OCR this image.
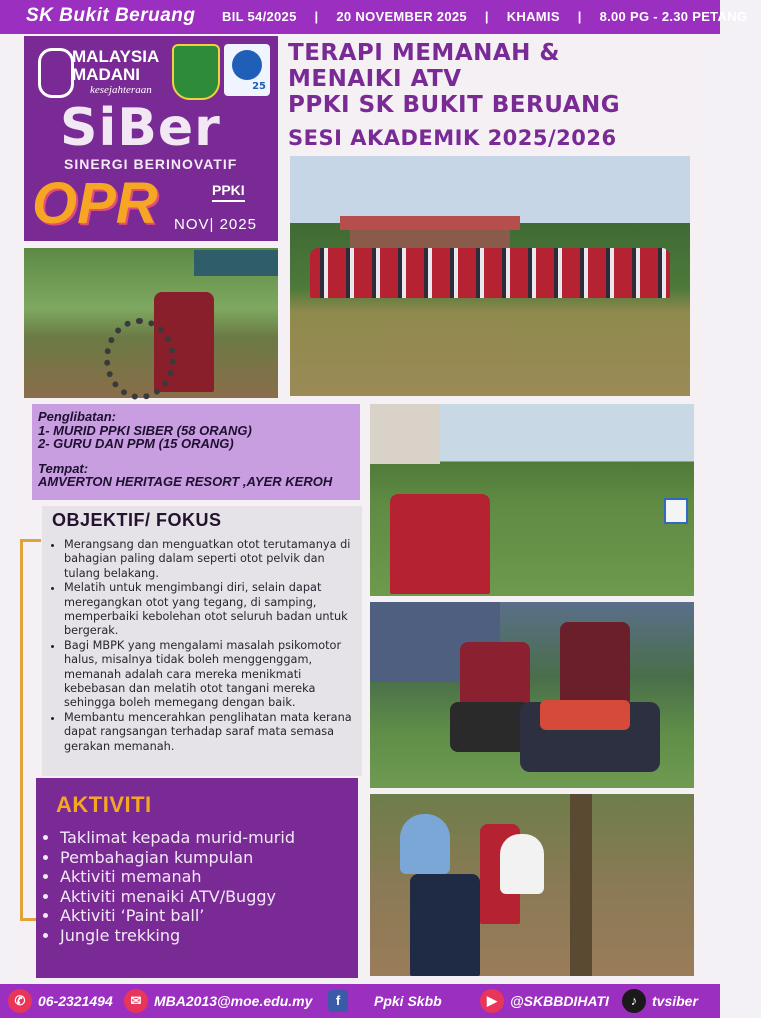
SK Bukit Beruang BIL 54/2025 | 20 NOVEMBER 2025 | KHAMIS | 8.00 PG - 2.30 PETANG
MALAYSIA
MADANI
kesejahteraan	25
SiBer
SINERGI BERINOVATIF
OPR	PPKI
NOV| 2025
TERAPI MEMANAH &
MENAIKI ATV
PPKI SK BUKIT BERUANG
SESI AKADEMIK 2025/2026
Penglibatan:
1- MURID PPKI SIBER (58 ORANG)
2- GURU DAN PPM (15 ORANG)
Tempat:
AMVERTON HERITAGE RESORT ,AYER KEROH
OBJEKTIF/ FOKUS
• Merangsang dan menguatkan otot terutamanya di bahagian paling dalam seperti otot pelvik dan tulang belakang.
• Melatih untuk mengimbangi diri, selain dapat meregangkan otot yang tegang, di samping, memperbaiki kebolehan otot seluruh badan untuk bergerak.
• Bagi MBPK yang mengalami masalah psikomotor halus, misalnya tidak boleh menggenggam, memanah adalah cara mereka menikmati kebebasan dan melatih otot tangani mereka sehingga boleh memegang dengan baik.
• Membantu mencerahkan penglihatan mata kerana dapat rangsangan terhadap saraf mata semasa gerakan memanah.
AKTIVITI
• Taklimat kepada murid-murid
• Pembahagian kumpulan
• Aktiviti memanah
• Aktiviti menaiki ATV/Buggy
• Aktiviti ‘Paint ball’
• Jungle trekking
✆ 06-2321494	✉ MBA2013@moe.edu.my	f	Ppki Skbb	▶ @SKBBDIHATI	♪	tvsiber
